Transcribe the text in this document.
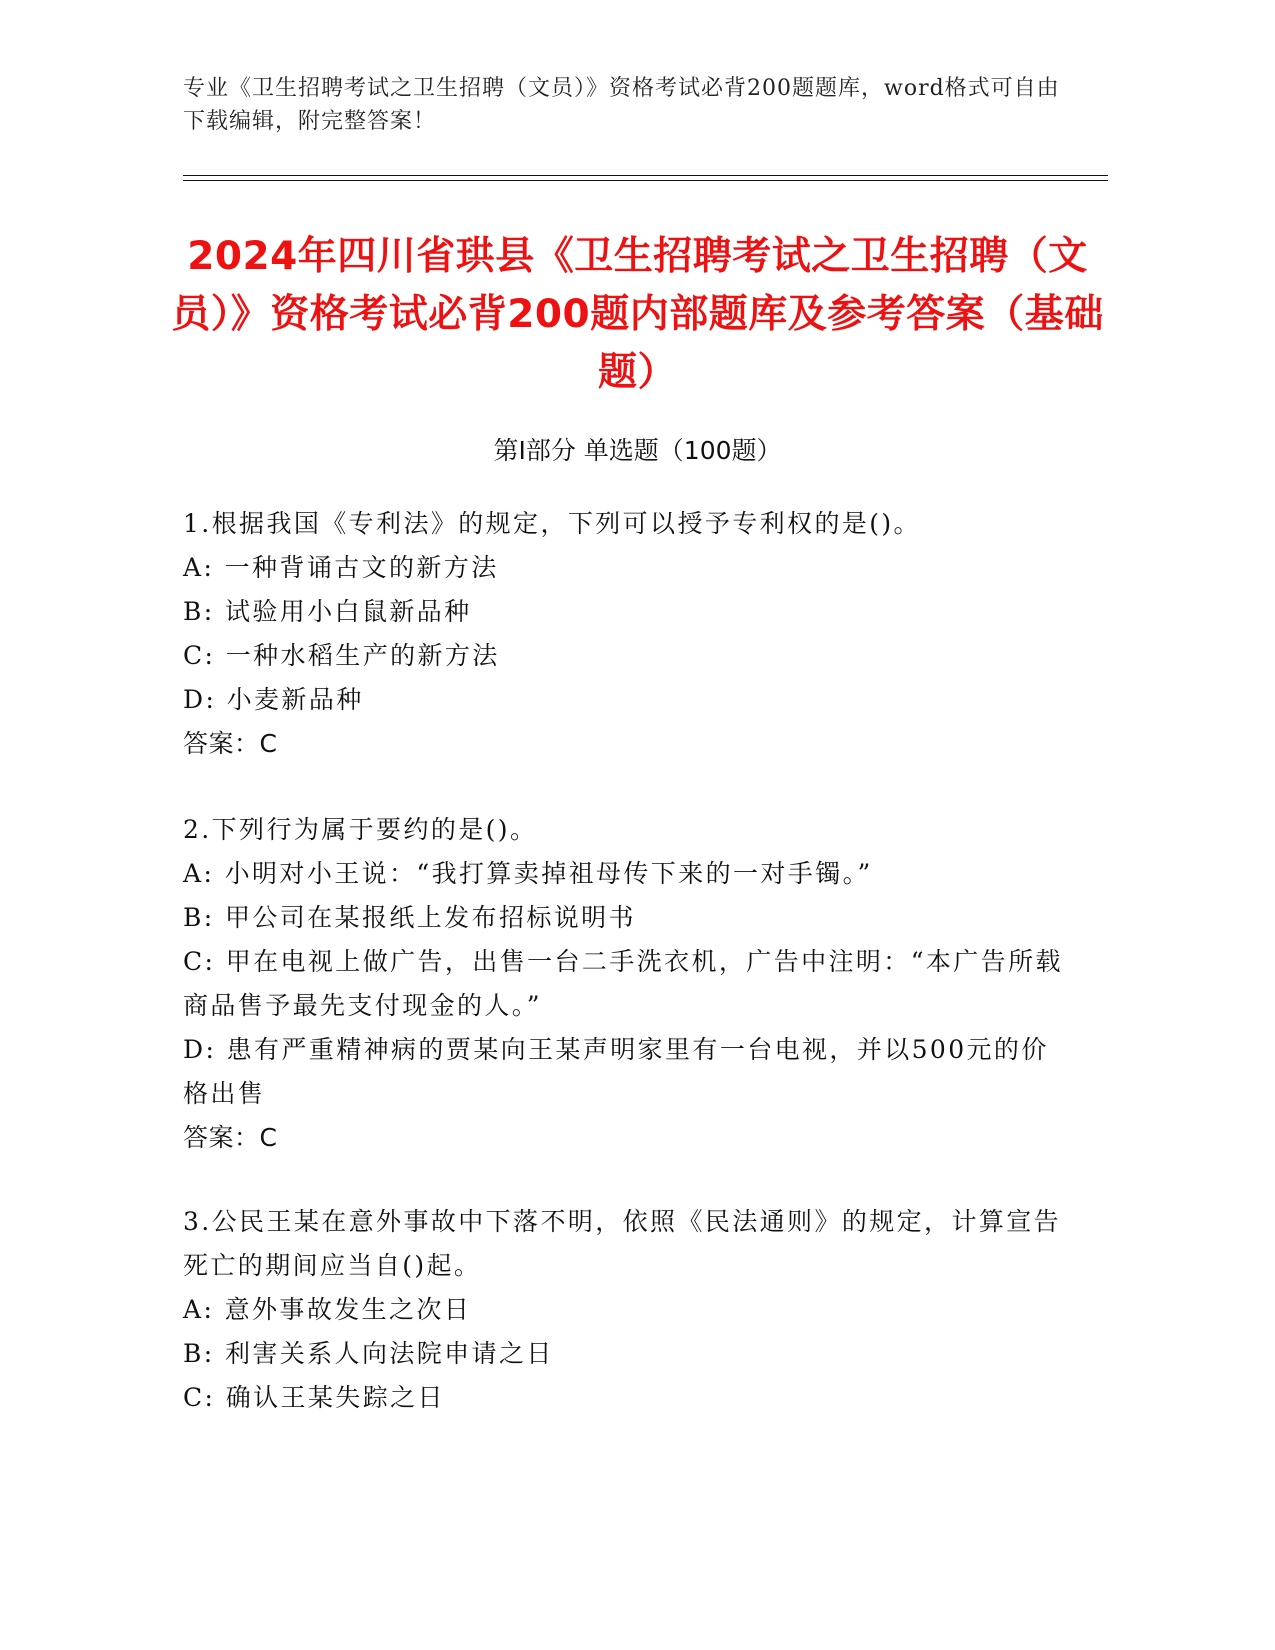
专业《卫生招聘考试之卫生招聘（文员）》资格考试必背200题题库，word格式可自由下载编辑，附完整答案！
2024年四川省珙县《卫生招聘考试之卫生招聘（文员）》资格考试必背200题内部题库及参考答案（基础题）
第I部分 单选题（100题）
1.根据我国《专利法》的规定，下列可以授予专利权的是()。
A: 一种背诵古文的新方法
B: 试验用小白鼠新品种
C: 一种水稻生产的新方法
D: 小麦新品种
答案：C
2.下列行为属于要约的是()。
A: 小明对小王说：“我打算卖掉祖母传下来的一对手镯。”
B: 甲公司在某报纸上发布招标说明书
C: 甲在电视上做广告，出售一台二手洗衣机，广告中注明：“本广告所载商品售予最先支付现金的人。”
D: 患有严重精神病的贾某向王某声明家里有一台电视，并以500元的价格出售
答案：C
3.公民王某在意外事故中下落不明，依照《民法通则》的规定，计算宣告死亡的期间应当自()起。
A: 意外事故发生之次日
B: 利害关系人向法院申请之日
C: 确认王某失踪之日
